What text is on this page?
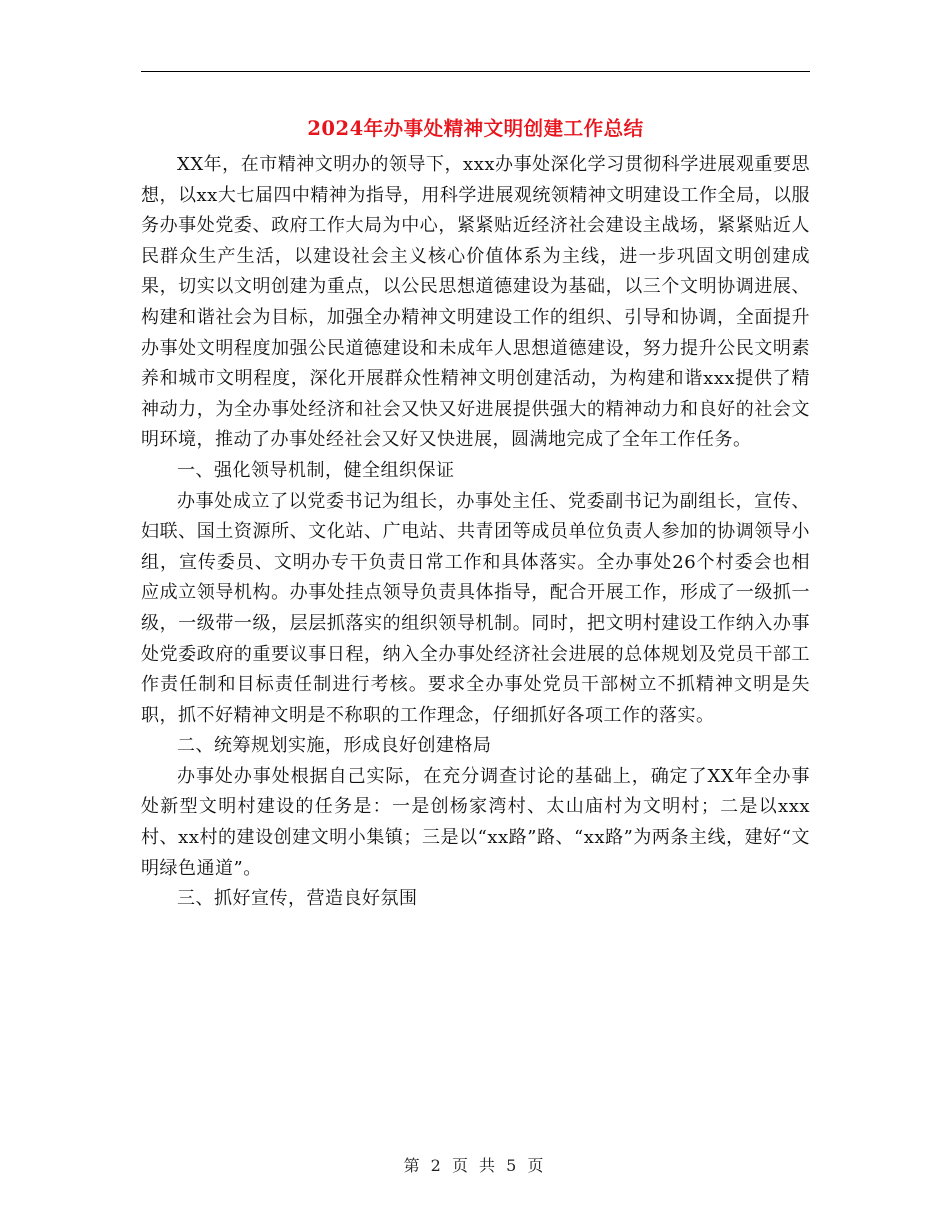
2024年办事处精神文明创建工作总结

XX年，在市精神文明办的领导下，xxx办事处深化学习贯彻科学进展观重要思想，以xx大七届四中精神为指导，用科学进展观统领精神文明建设工作全局，以服务办事处党委、政府工作大局为中心，紧紧贴近经济社会建设主战场，紧紧贴近人民群众生产生活，以建设社会主义核心价值体系为主线，进一步巩固文明创建成果，切实以文明创建为重点，以公民思想道德建设为基础，以三个文明协调进展、构建和谐社会为目标，加强全办精神文明建设工作的组织、引导和协调，全面提升办事处文明程度加强公民道德建设和未成年人思想道德建设，努力提升公民文明素养和城市文明程度，深化开展群众性精神文明创建活动，为构建和谐xxx提供了精神动力，为全办事处经济和社会又快又好进展提供强大的精神动力和良好的社会文明环境，推动了办事处经社会又好又快进展，圆满地完成了全年工作任务。

一、强化领导机制，健全组织保证

办事处成立了以党委书记为组长，办事处主任、党委副书记为副组长，宣传、妇联、国土资源所、文化站、广电站、共青团等成员单位负责人参加的协调领导小组，宣传委员、文明办专干负责日常工作和具体落实。全办事处26个村委会也相应成立领导机构。办事处挂点领导负责具体指导，配合开展工作，形成了一级抓一级，一级带一级，层层抓落实的组织领导机制。同时，把文明村建设工作纳入办事处党委政府的重要议事日程，纳入全办事处经济社会进展的总体规划及党员干部工作责任制和目标责任制进行考核。要求全办事处党员干部树立不抓精神文明是失职，抓不好精神文明是不称职的工作理念，仔细抓好各项工作的落实。

二、统筹规划实施，形成良好创建格局

办事处办事处根据自己实际，在充分调查讨论的基础上，确定了XX年全办事处新型文明村建设的任务是：一是创杨家湾村、太山庙村为文明村；二是以xxx村、xx村的建设创建文明小集镇；三是以“xx路”路、“xx路”为两条主线，建好“文明绿色通道”。

三、抓好宣传，营造良好氛围

第 2 页 共 5 页
